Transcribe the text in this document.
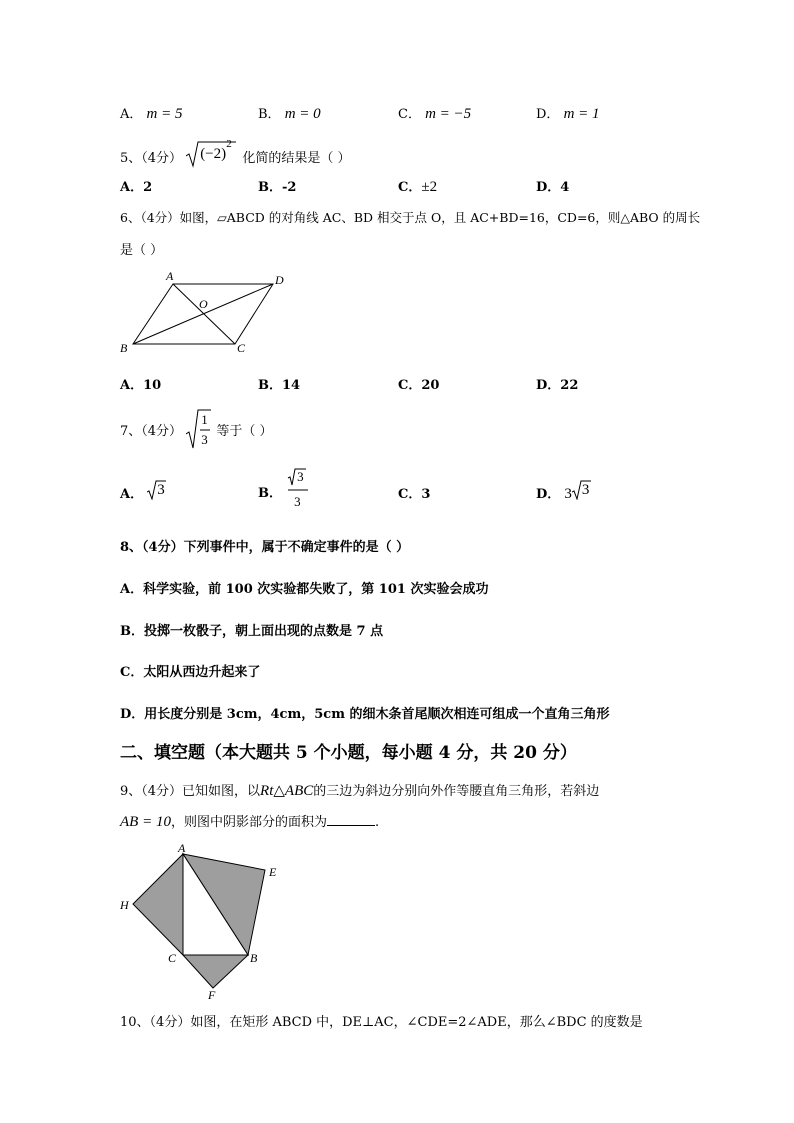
A． m = 5	B． m = 0	C． m = −5	D． m = 1
5、（4分） (−2)
2
化简的结果是（ ）
A．2	B．-2	C．±2	D．4
6、（4分）如图，▱ABCD 的对角线 AC、BD 相交于点 O，且 AC+BD=16，CD=6，则△ABO 的周长
是（ ）
A	D
O
B	C
A．10	B．14	C．20	D．22
7、（4分）
1
3
等于（ ）
A． 3	B．
3
3	C．3	D． 3 3
8、（4分）下列事件中，属于不确定事件的是（ ）
A．科学实验，前 100 次实验都失败了，第 101 次实验会成功
B．投掷一枚骰子，朝上面出现的点数是 7 点
C．太阳从西边升起来了
D．用长度分别是 3cm，4cm，5cm 的细木条首尾顺次相连可组成一个直角三角形
二、填空题（本大题共 5 个小题，每小题 4 分，共 20 分）
9、（4分）已知如图，以Rt△ABC的三边为斜边分别向外作等腰直角三角形，若斜边
AB = 10，则图中阴影部分的面积为	.
A
E
H
C	B
F
10、（4分）如图，在矩形 ABCD 中，DE⊥AC，∠CDE=2∠ADE，那么∠BDC 的度数是
